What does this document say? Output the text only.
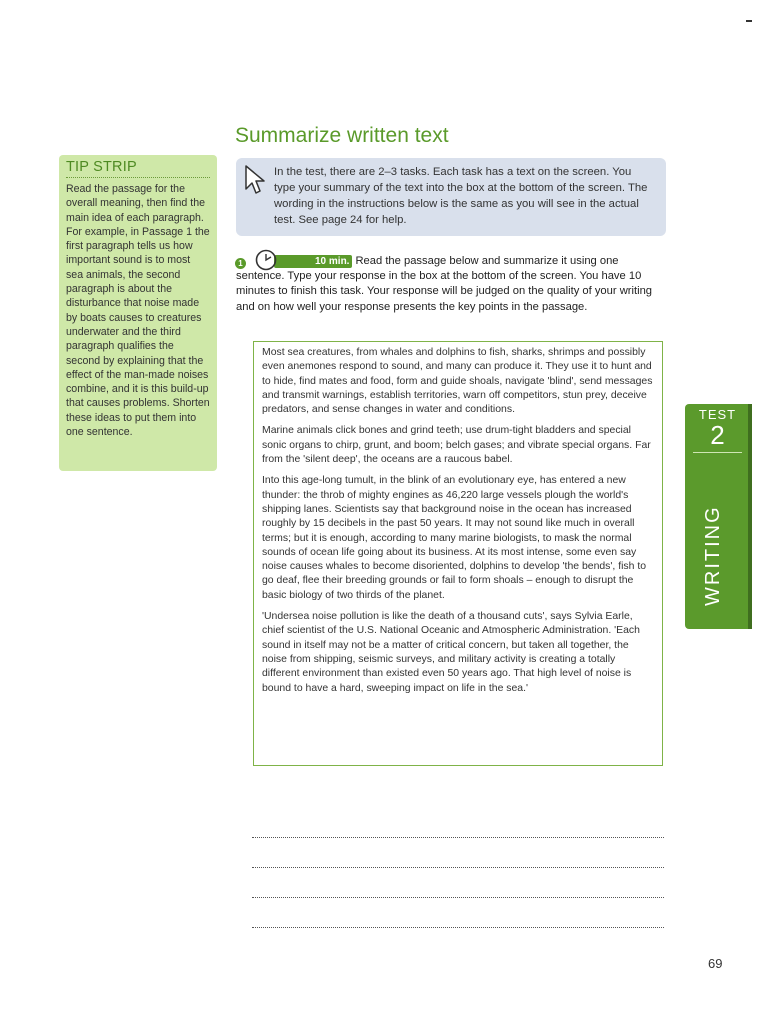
Summarize written text
TIP STRIP
Read the passage for the overall meaning, then find the main idea of each paragraph. For example, in Passage 1 the first paragraph tells us how important sound is to most sea animals, the second paragraph is about the disturbance that noise made by boats causes to creatures underwater and the third paragraph qualifies the second by explaining that the effect of the man-made noises combine, and it is this build-up that causes problems. Shorten these ideas to put them into one sentence.
In the test, there are 2–3 tasks. Each task has a text on the screen. You type your summary of the text into the box at the bottom of the screen. The wording in the instructions below is the same as you will see in the actual test. See page 24 for help.
1	10 min. Read the passage below and summarize it using one sentence. Type your response in the box at the bottom of the screen. You have 10 minutes to finish this task. Your response will be judged on the quality of your writing and on how well your response presents the key points in the passage.

Most sea creatures, from whales and dolphins to fish, sharks, shrimps and possibly even anemones respond to sound, and many can produce it. They use it to hunt and to hide, find mates and food, form and guide shoals, navigate 'blind', send messages and transmit warnings, establish territories, warn off competitors, stun prey, deceive predators, and sense changes in water and conditions.

Marine animals click bones and grind teeth; use drum-tight bladders and special sonic organs to chirp, grunt, and boom; belch gases; and vibrate special organs. Far from the 'silent deep', the oceans are a raucous babel.

Into this age-long tumult, in the blink of an evolutionary eye, has entered a new thunder: the throb of mighty engines as 46,220 large vessels plough the world's shipping lanes. Scientists say that background noise in the ocean has increased roughly by 15 decibels in the past 50 years. It may not sound like much in overall terms; but it is enough, according to many marine biologists, to mask the normal sounds of ocean life going about its business. At its most intense, some even say noise causes whales to become disoriented, dolphins to develop 'the bends', fish to go deaf, flee their breeding grounds or fail to form shoals – enough to disrupt the basic biology of two thirds of the planet.

'Undersea noise pollution is like the death of a thousand cuts', says Sylvia Earle, chief scientist of the U.S. National Oceanic and Atmospheric Administration. 'Each sound in itself may not be a matter of critical concern, but taken all together, the noise from shipping, seismic surveys, and military activity is creating a totally different environment than existed even 50 years ago. That high level of noise is bound to have a hard, sweeping impact on life in the sea.'

TEST
2
WRITING
69
